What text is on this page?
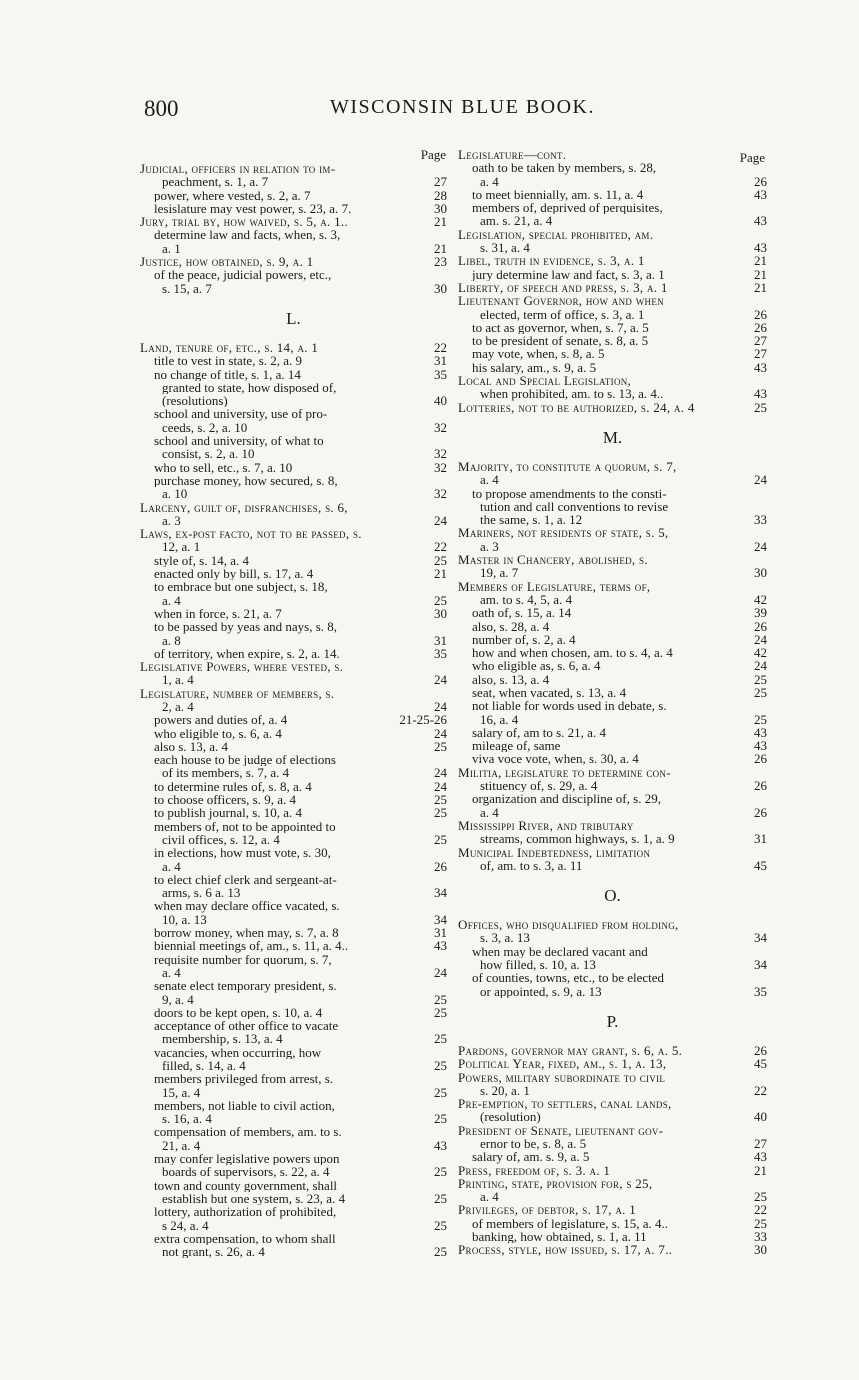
800	WISCONSIN BLUE BOOK.
Page
Page
Judicial, officers in relation to im-
peachment, s. 1, a. 7	27
power, where vested, s. 2, a. 7	28
lesislature may vest power, s. 23, a. 7.	30
Jury, trial by, how waived, s. 5, a. 1..	21
determine law and facts, when, s. 3,
a. 1	21
Justice, how obtained, s. 9, a. 1	23
of the peace, judicial powers, etc.,
s. 15, a. 7	30
L.
Land, tenure of, etc., s. 14, a. 1	22
title to vest in state, s. 2, a. 9	31
no change of title, s. 1, a. 14	35
granted to state, how disposed of,
(resolutions)	40
school and university, use of pro-
ceeds, s. 2, a. 10	32
school and university, of what to
consist, s. 2, a. 10	32
who to sell, etc., s. 7, a. 10	32
purchase money, how secured, s. 8,
a. 10	32
Larceny, guilt of, disfranchises, s. 6,
a. 3	24
Laws, ex-post facto, not to be passed, s.
12, a. 1	22
style of, s. 14, a. 4	25
enacted only by bill, s. 17, a. 4	21
to embrace but one subject, s. 18,
a. 4	25
when in force, s. 21, a. 7	30
to be passed by yeas and nays, s. 8,
a. 8	31
of territory, when expire, s. 2, a. 14.	35
Legislative Powers, where vested, s.
1, a. 4	24
Legislature, number of members, s.
2, a. 4	24
powers and duties of, a. 4	21-25-26
who eligible to, s. 6, a. 4	24
also s. 13, a. 4	25
each house to be judge of elections
of its members, s. 7, a. 4	24
to determine rules of, s. 8, a. 4	24
to choose officers, s. 9, a. 4	25
to publish journal, s. 10, a. 4	25
members of, not to be appointed to
civil offices, s. 12, a. 4	25
in elections, how must vote, s. 30,
a. 4	26
to elect chief clerk and sergeant-at-
arms, s. 6 a. 13	34
when may declare office vacated, s.
10, a. 13	34
borrow money, when may, s. 7, a. 8	31
biennial meetings of, am., s. 11, a. 4..	43
requisite number for quorum, s. 7,
a. 4	24
senate elect temporary president, s.
9, a. 4	25
doors to be kept open, s. 10, a. 4	25
acceptance of other office to vacate
membership, s. 13, a. 4	25
vacancies, when occurring, how
filled, s. 14, a. 4	25
members privileged from arrest, s.
15, a. 4	25
members, not liable to civil action,
s. 16, a. 4	25
compensation of members, am. to s.
21, a. 4	43
may confer legislative powers upon
boards of supervisors, s. 22, a. 4	25
town and county government, shall
establish but one system, s. 23, a. 4	25
lottery, authorization of prohibited,
s 24, a. 4	25
extra compensation, to whom shall
not grant, s. 26, a. 4	25
Legislature—cont.
oath to be taken by members, s. 28,
a. 4	26
to meet biennially, am. s. 11, a. 4	43
members of, deprived of perquisites,
am. s. 21, a. 4	43
Legislation, special prohibited, am.
s. 31, a. 4	43
Libel, truth in evidence, s. 3, a. 1	21
jury determine law and fact, s. 3, a. 1	21
Liberty, of speech and press, s. 3, a. 1	21
Lieutenant Governor, how and when
elected, term of office, s. 3, a. 1	26
to act as governor, when, s. 7, a. 5	26
to be president of senate, s. 8, a. 5	27
may vote, when, s. 8, a. 5	27
his salary, am., s. 9, a. 5	43
Local and Special Legislation,
when prohibited, am. to s. 13, a. 4..	43
Lotteries, not to be authorized, s. 24, a. 4	25
M.
Majority, to constitute a quorum, s. 7,
a. 4	24
to propose amendments to the consti-
tution and call conventions to revise
the same, s. 1, a. 12	33
Mariners, not residents of state, s. 5,
a. 3	24
Master in Chancery, abolished, s.
19, a. 7	30
Members of Legislature, terms of,
am. to s. 4, 5, a. 4	42
oath of, s. 15, a. 14	39
also, s. 28, a. 4	26
number of, s. 2, a. 4	24
how and when chosen, am. to s. 4, a. 4	42
who eligible as, s. 6, a. 4	24
also, s. 13, a. 4	25
seat, when vacated, s. 13, a. 4	25
not liable for words used in debate, s.
16, a. 4	25
salary of, am to s. 21, a. 4	43
mileage of, same	43
viva voce vote, when, s. 30, a. 4	26
Militia, legislature to determine con-
stituency of, s. 29, a. 4	26
organization and discipline of, s. 29,
a. 4	26
Mississippi River, and tributary
streams, common highways, s. 1, a. 9	31
Municipal Indebtedness, limitation
of, am. to s. 3, a. 11	45
O.
Offices, who disqualified from holding,
s. 3, a. 13	34
when may be declared vacant and
how filled, s. 10, a. 13	34
of counties, towns, etc., to be elected
or appointed, s. 9, a. 13	35
P.
Pardons, governor may grant, s. 6, a. 5.	26
Political Year, fixed, am., s. 1, a. 13,	45
Powers, military subordinate to civil
s. 20, a. 1	22
Pre-emption, to settlers, canal lands,
(resolution)	40
President of Senate, lieutenant gov-
ernor to be, s. 8, a. 5	27
salary of, am. s. 9, a. 5	43
Press, freedom of, s. 3. a. 1	21
Printing, state, provision for, s 25,
a. 4	25
Privileges, of debtor, s. 17, a. 1	22
of members of legislature, s. 15, a. 4..	25
banking, how obtained, s. 1, a. 11	33
Process, style, how issued, s. 17, a. 7..	30
